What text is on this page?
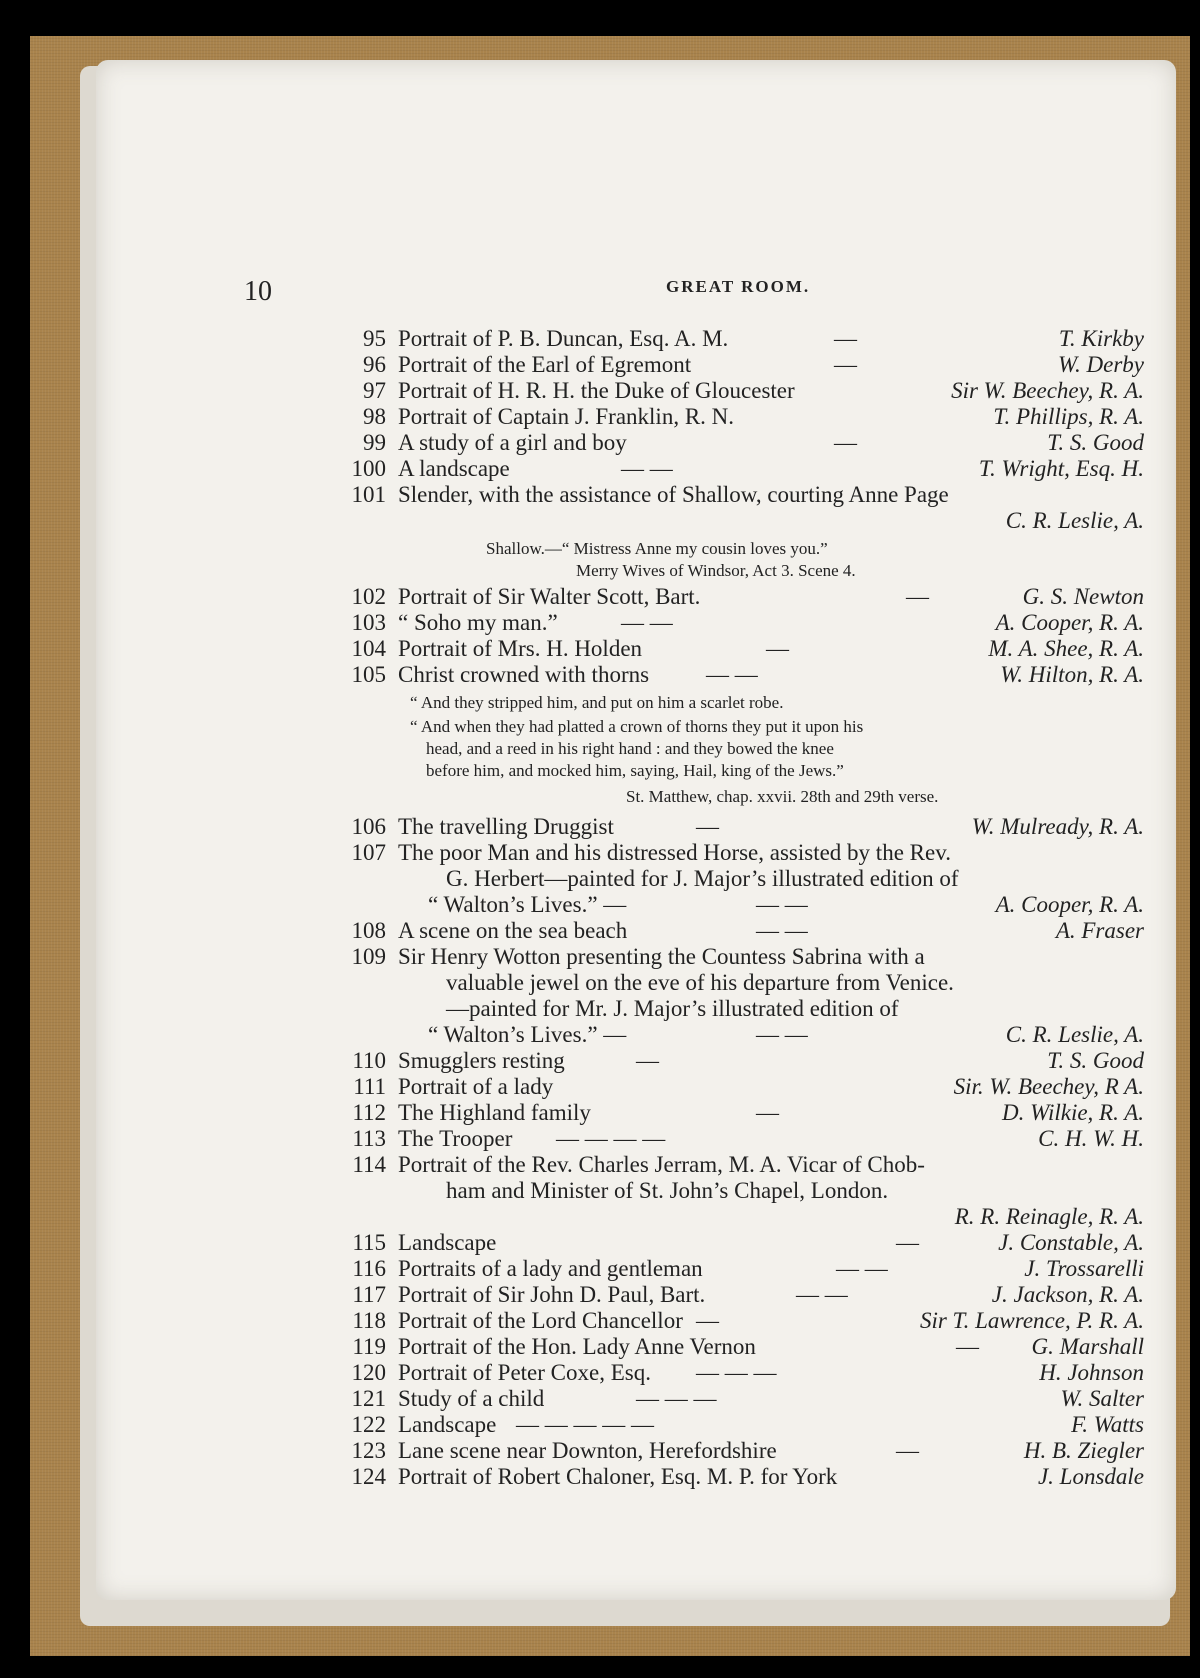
10	GREAT ROOM.
95 Portrait of P. B. Duncan, Esq. A. M.	—	T. Kirkby
96 Portrait of the Earl of Egremont	—	W. Derby
97 Portrait of H. R. H. the Duke of Gloucester	Sir W. Beechey, R. A.
98 Portrait of Captain J. Franklin, R. N.	T. Phillips, R. A.
99 A study of a girl and boy	—	T. S. Good
100 A landscape	— —	T. Wright, Esq. H.
101 Slender, with the assistance of Shallow, courting Anne Page
C. R. Leslie, A.
Shallow.—“ Mistress Anne my cousin loves you.”
Merry Wives of Windsor, Act 3. Scene 4.
102 Portrait of Sir Walter Scott, Bart.	—	G. S. Newton
103 “ Soho my man.”	— —	A. Cooper, R. A.
104 Portrait of Mrs. H. Holden	—	M. A. Shee, R. A.
105 Christ crowned with thorns — —	W. Hilton, R. A.
“ And they stripped him, and put on him a scarlet robe.
“ And when they had platted a crown of thorns they put it upon his
head, and a reed in his right hand : and they bowed the knee
before him, and mocked him, saying, Hail, king of the Jews.”
St. Matthew, chap. xxvii. 28th and 29th verse.
106 The travelling Druggist	—	W. Mulready, R. A.
107 The poor Man and his distressed Horse, assisted by the Rev.
G. Herbert—painted for J. Major’s illustrated edition of
“ Walton’s Lives.” —	— —	A. Cooper, R. A.
108 A scene on the sea beach	— —	A. Fraser
109 Sir Henry Wotton presenting the Countess Sabrina with a
valuable jewel on the eve of his departure from Venice.
—painted for Mr. J. Major’s illustrated edition of
“ Walton’s Lives.” —	— —	C. R. Leslie, A.
110 Smugglers resting	—	T. S. Good
111 Portrait of a lady	Sir. W. Beechey, R A.
112 The Highland family	—	D. Wilkie, R. A.
113 The Trooper — — — —	C. H. W. H.
114 Portrait of the Rev. Charles Jerram, M. A. Vicar of Chob-
ham and Minister of St. John’s Chapel, London.
R. R. Reinagle, R. A.
115 Landscape	—	J. Constable, A.
116 Portraits of a lady and gentleman	— —	J. Trossarelli
117 Portrait of Sir John D. Paul, Bart.	— —	J. Jackson, R. A.
118 Portrait of the Lord Chancellor —	Sir T. Lawrence, P. R. A.
119 Portrait of the Hon. Lady Anne Vernon	— G. Marshall
120 Portrait of Peter Coxe, Esq. — — —	H. Johnson
121 Study of a child	— — —	W. Salter
122 Landscape — — — — —	F. Watts
123 Lane scene near Downton, Herefordshire	—	H. B. Ziegler
124 Portrait of Robert Chaloner, Esq. M. P. for York	J. Lonsdale
